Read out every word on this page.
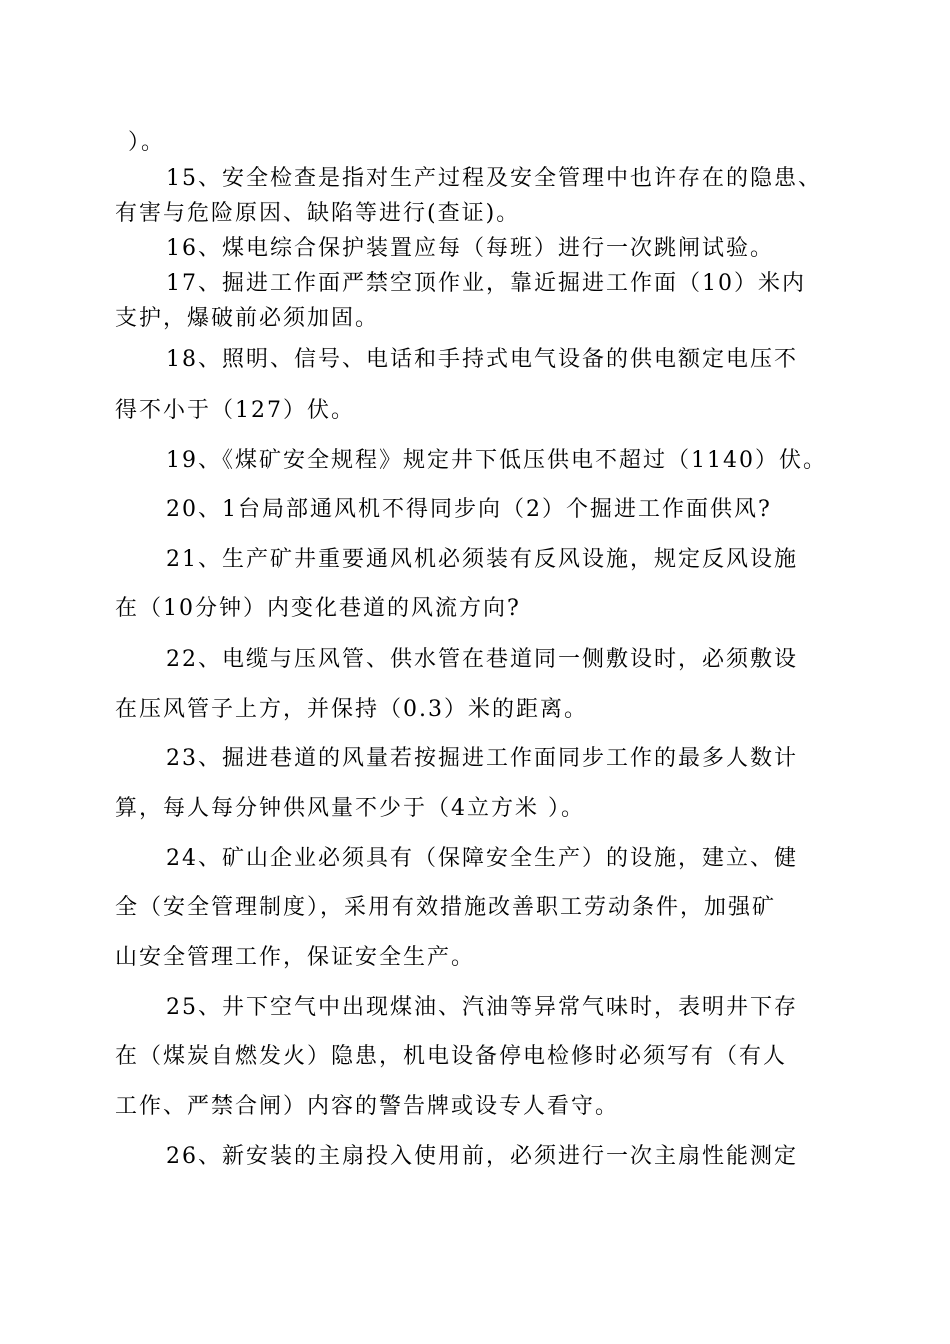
）。
15、安全检查是指对生产过程及安全管理中也许存在的隐患、
有害与危险原因、缺陷等进行(查证)。
16、煤电综合保护装置应每（每班）进行一次跳闸试验。
17、掘进工作面严禁空顶作业，靠近掘进工作面（10）米内
支护，爆破前必须加固。
18、照明、信号、电话和手持式电气设备的供电额定电压不
得不小于（127）伏。
19、《煤矿安全规程》规定井下低压供电不超过（1140）伏。
20、1台局部通风机不得同步向（2）个掘进工作面供风?
21、生产矿井重要通风机必须装有反风设施，规定反风设施
在（10分钟）内变化巷道的风流方向?
22、电缆与压风管、供水管在巷道同一侧敷设时，必须敷设
在压风管子上方，并保持（0.3）米的距离。
23、掘进巷道的风量若按掘进工作面同步工作的最多人数计
算，每人每分钟供风量不少于（4立方米 ）。
24、矿山企业必须具有（保障安全生产）的设施，建立、健
全（安全管理制度），采用有效措施改善职工劳动条件，加强矿
山安全管理工作，保证安全生产。
25、井下空气中出现煤油、汽油等异常气味时，表明井下存
在（煤炭自燃发火）隐患，机电设备停电检修时必须写有（有人
工作、严禁合闸）内容的警告牌或设专人看守。
26、新安装的主扇投入使用前，必须进行一次主扇性能测定
